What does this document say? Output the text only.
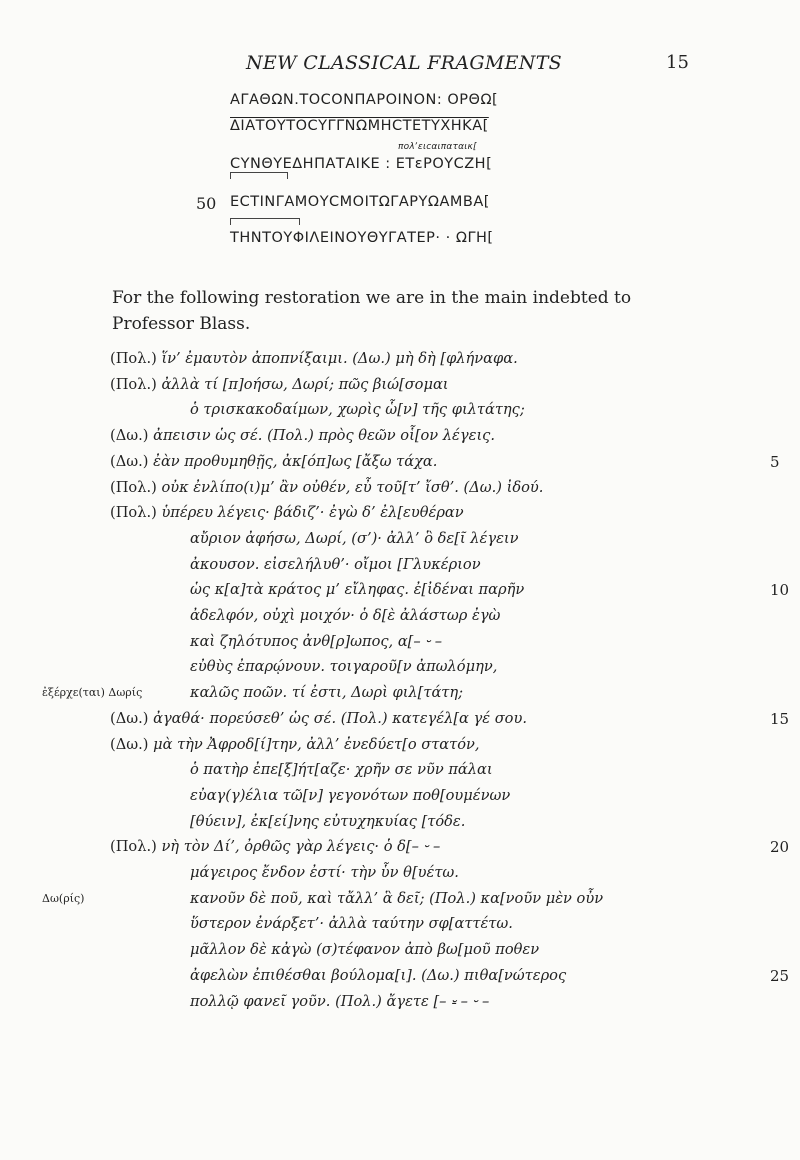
NEW CLASSICAL FRAGMENTS	15
ΑΓΑΘΩΝ.ΤΟϹΟΝΠΑΡΟΙΝΟΝ: ΟΡΘΩ[
ΔΙΑΤΟΥΤΟϹΥΓΓΝΩΜΗϹΤΕΤΥΧΗΚΑ[
πολʼειϲαιπαταικ[
50
ϹΥΝΘΥΕΔΗΠΑΤΑΙΚΕ : ΕΤεΡΟΥϹΖΗ[
ΕϹΤΙΝΓΑΜΟΥϹΜΟΙΤΩΓΑΡΥΩΑΜΒΑ[
ΤΗΝΤΟΥΦΙΛΕΙΝΟΥΘΥΓΑΤΕΡ· · ΩΓΗ[
For the following restoration we are in the main indebted to Professor Blass.
(Πολ.) ἵν’ ἐμαυτὸν ἀποπνίξαιμι. (Δω.) μὴ δὴ [φλήναφα.
(Πολ.) ἀλλὰ τί [π]οήσω, Δωρί; πῶς βιώ[σομαι
ὁ τρισκακοδαίμων, χωρὶς ὧ[ν] τῆς φιλτάτης;
(Δω.) ἀπεισιν ὡς σέ. (Πολ.) πρὸς θεῶν οἷ[ον λέγεις.
(Δω.) ἐὰν προθυμηθῇς, ἀκ[όπ]ως [ἄξω τάχα.	5
(Πολ.) οὐκ ἐνλίπο(ι)μ’ ἂν οὐθέν, εὖ τοῦ[τ’ ἴσθ’. (Δω.) ἰδού.
(Πολ.) ὑπέρευ λέγεις· βάδιζ’· ἐγὼ δ’ ἐλ[ευθέραν
αὔριον ἀφήσω, Δωρί, (σ’)· ἀλλ’ ὃ δε[ῖ λέγειν
ἀκουσον. εἰσελήλυθ’· οἴμοι [Γλυκέριον
ὡς κ[α]τὰ κράτος μ’ εἴληφας. ἐ[ἰδέναι παρῆν	10
ἀδελφόν, οὐχὶ μοιχόν· ὁ δ[ὲ ἀλάστωρ ἐγὼ
καὶ ζηλότυπος ἀνθ[ρ]ωπος, α[– ⏑ –
εὐθὺς ἐπαρῴνουν. τοιγαροῦ[ν ἀπωλόμην,
καλῶς ποῶν. τί ἐστι, Δωρὶ φιλ[τάτη;
(Δω.) ἀγαθά· πορεύσεθ’ ὡς σέ. (Πολ.) κατεγέλ[α γέ σου.	15
(Δω.) μὰ τὴν Ἀφροδ[ί]την, ἀλλ’ ἐνεδύετ[ο στατόν,
ὁ πατὴρ ἐπε[ξ]ήτ[αζε· χρῆν σε νῦν πάλαι
εὐαγ(γ)έλια τῶ[ν] γεγονότων ποθ[ουμένων
[θύειν], ἐκ[εί]νης εὐτυχηκυίας [τόδε.
(Πολ.) νὴ τὸν Δί’, ὀρθῶς γὰρ λέγεις· ὁ δ[– ⏑ –	20
μάγειρος ἔνδον ἐστί· τὴν ὗν θ[υέτω.
κανοῦν δὲ ποῦ, καὶ τἄλλ’ ἃ δεῖ; (Πολ.) κα[νοῦν μὲν οὖν
ὕστερον ἐνάρξετ’· ἀλλὰ ταύτην σφ[αττέτω.
μᾶλλον δὲ κἀγὼ (σ)τέφανον ἀπὸ βω[μοῦ ποθεν
ἀφελὼν ἐπιθέσθαι βούλομα[ι]. (Δω.) πιθα[νώτερος	25
πολλῷ φανεῖ γοῦν. (Πολ.) ἄγετε [– ⏓ – ⏑ –
ἐξέρχε(ται) Δωρίς
Δω(ρίς)
